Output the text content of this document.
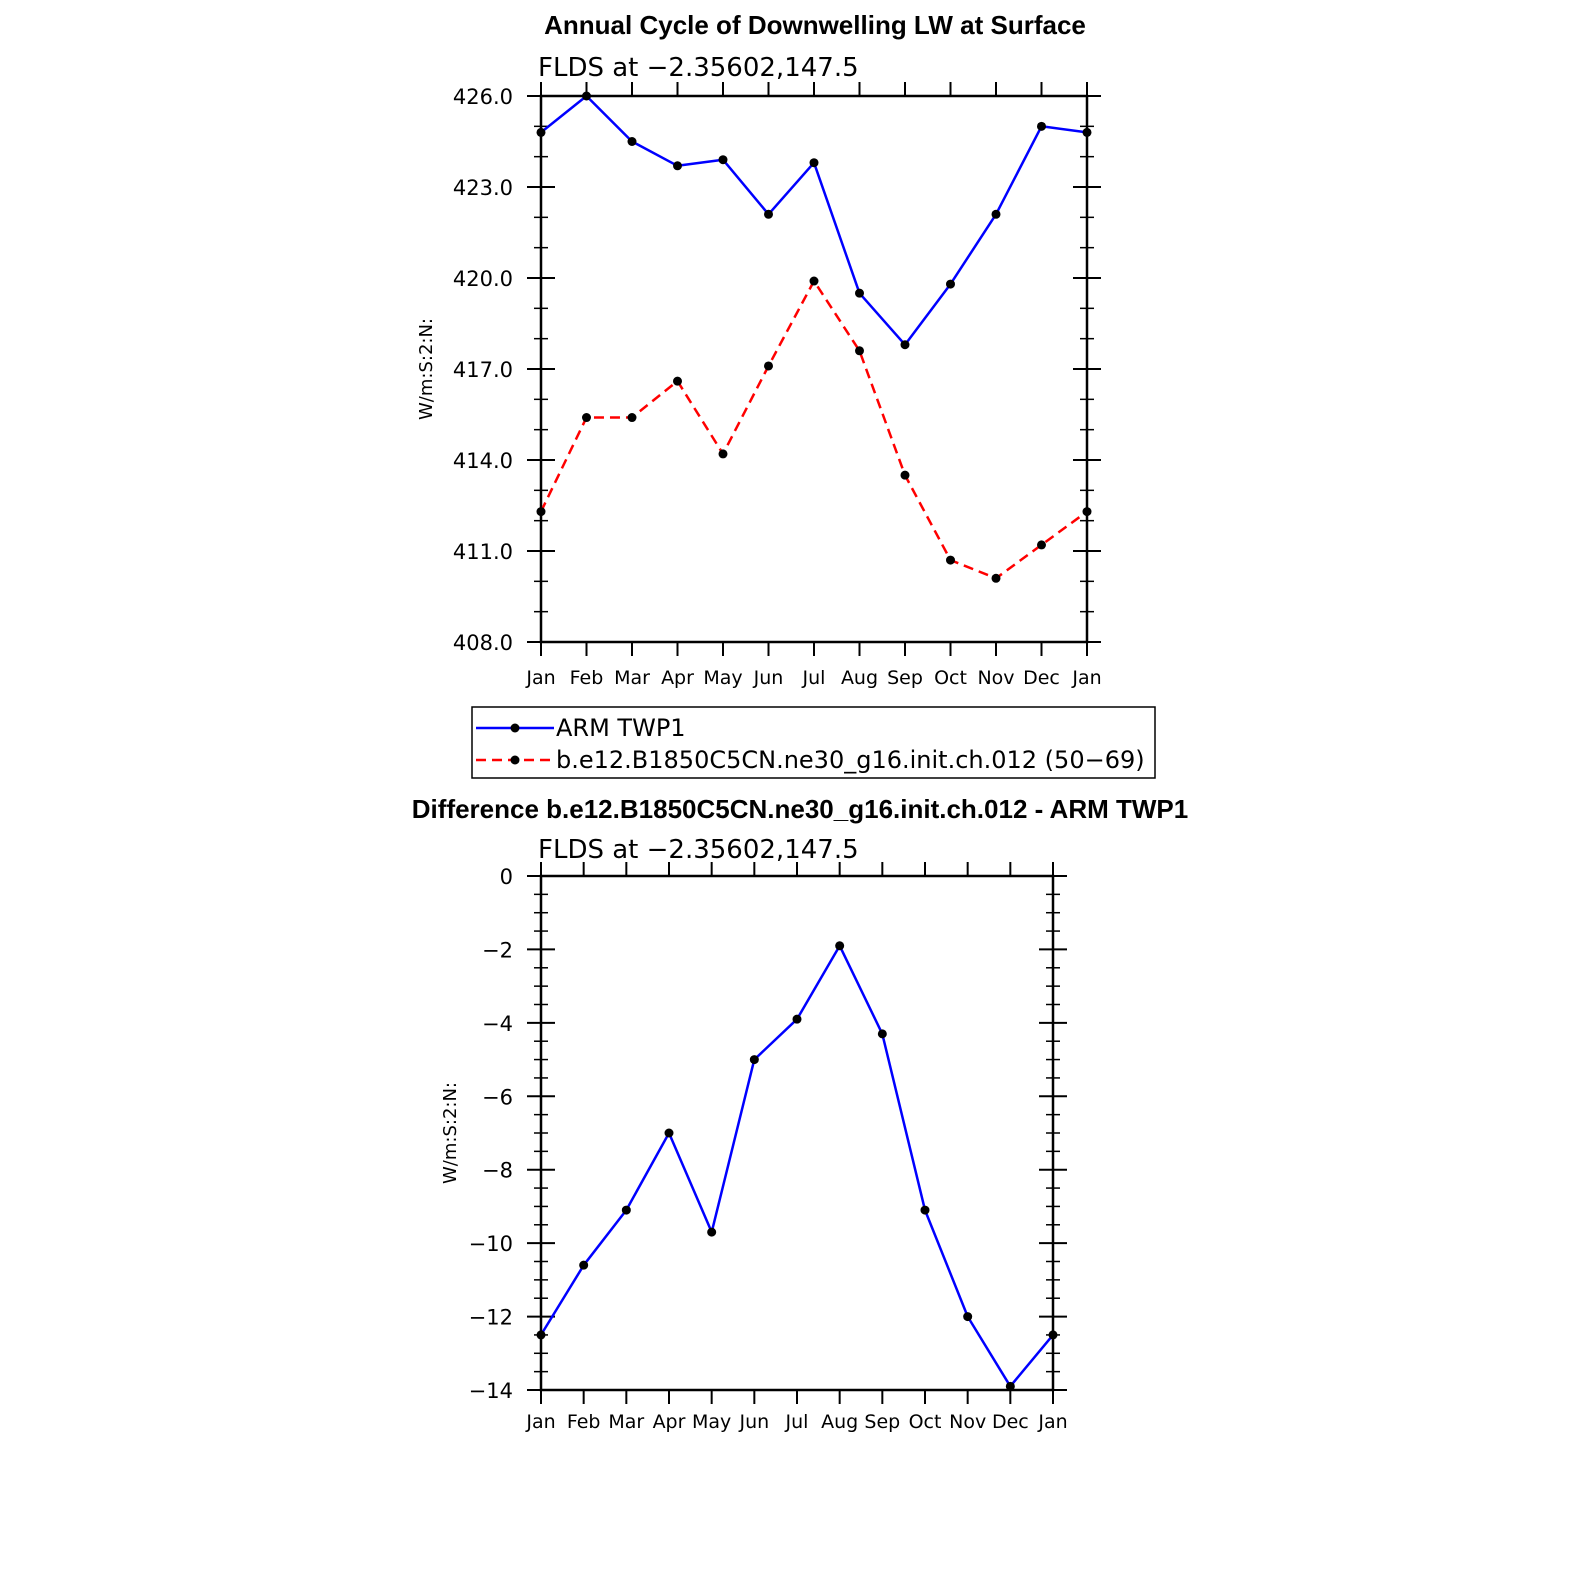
Annual Cycle of Downwelling LW at Surface
FLDS at −2.35602,147.5
Jan Feb Mar Apr May Jun Jul Aug Sep Oct Nov Dec Jan
408.0
411.0
414.0
417.0
420.0
423.0
426.0
W/m:S:2:N:
ARM TWP1
b.e12.B1850C5CN.ne30_g16.init.ch.012 (50−69)
Difference b.e12.B1850C5CN.ne30_g16.init.ch.012 - ARM TWP1
FLDS at −2.35602,147.5
Jan Feb Mar Apr May Jun Jul Aug Sep Oct Nov Dec Jan
−14
−12
−10
−8
−6
−4
−2
0
W/m:S:2:N:
